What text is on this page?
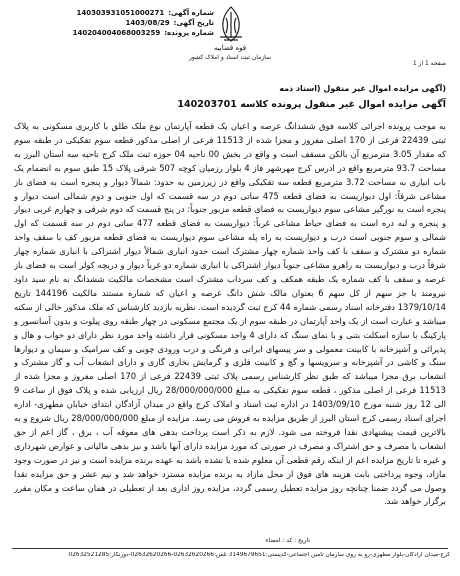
قوه قضاییه
سازمان ثبت اسناد و املاک کشور
شماره آگهی:
140303931051000271
تاریخ آگهی:
1403/08/29
شماره پرونده:
140204004068003259
صفحه 1 از 1
(آگهی مزایده اموال غیر منقول (اسناد ذمه
آگهی مزایده اموال غیر منقول پرونده کلاسه 140203701
به موجب پرونده اجرائی کلاسه فوق ششدانگ عرصه و اعیان یک قطعه آپارتمان نوع ملک طلق با کاربری مسکونی به پلاک ثبتی 22439 فرعی از 170 اصلی مفروز و مجزا شده از 11513 فرعی از اصلی مذکور قطعه سوم تفکیکی در طبقه سوم که مقدار 3.05 مترمربع آن بالکن مسقف است و واقع در بخش 00 ناحیه 04 حوزه ثبت ملک کرج ناحیه سه استان البرز به مساحت 93.7 مترمربع واقع در ادرس کرج مهرشهر فاز 4 بلوار رزمیان کوچه 507 شرقی پلاک 15 طبق سوم به انضمام یک باب انباری به مساحت 3.72 مترمربع قطعه سه تفکیکی واقع در زیرزمین به حدود: شمالاً دیوار و پنجره است به فضای باز مشاعی شرقاً: اول دیواریست به فضای قطعه 475 ساتی دوم در سه قسمت که اول جنوبی و دوم شمالی است دیوار و پنجره است به نورگیر مشاعی سوم دیواریست به فضای قطعه مزبور جنوباً: در پنج قسمت که دوم شرقی و چهارم غربی دیوار و پنجره و لبه دره است به فضای حیاط مشاعی غرباً: دیواریست به فضای قطعه 477 ساتی دوم در سه قسمت که اول شمالی و سوم جنوبی است درب و دیواریست به راه پله مشاعی سوم دیواریست به فضای قطعه مزبور کف با سقف واحد شماره دو مشترک و سقف با کف واحد شماره چهار مشترک است حدود انباری شمالاً دیوار اشتراکی با انباری شماره چهار شرقاً درب و دیواریست به راهرو مشاعی جنوباً دیوار اشتراکی با انباری شماره دو غرباً دیوار و دریچه کولر است به فضای باز عرصه و سقف با کف شماره یک طبقه همکف و کف سرداب مشترک است مشخصات مالکیت ششدانگ به نام سید داود نیرومند با جز سهم از کل سهم 6 بعنوان مالک شش دانگ عرصه و اعیان که شماره مستند مالکیت 144196 تاریخ 1379/10/14 دفترخانه اسناد رسمی شماره 44 کرج ثبت گردیده است. نظریه بازدید کارشناس که ملک مذکور خالی از سکنه میباشد و عبارت است از یک واحد آپارتمان در طبقه سوم از یک مجتمع مسکونی در چهار طبقه روی پیلوت و بدون آسانسور و پارکینگ با سازه اسکلت بتنی و با نمای سنگ که دارای 4 واحد مسکونی قرار داشته واحد مورد نظر دارای دو خواب و هال و پذیرائی و آشپزخانه با کابینت معمولی و سر پیسهای ایرانی و فرنگی و درب ورودی چوبی و کف سرامیک و سیمان و دیوارها سنگ و کاشی در آشپزخانه و سرویسها و گچ و کابینت فلزی و گرمایش بخاری گازی و دارای انشعاب آب و گاز مشترک و انشعاب برق مجزا میباشد که طبق نظر کارشناس رسمی پلاک ثبتی 22439 فرعی از 170 اصلی مفروز و مجزا شده از 11513 فرعی از اصلی مذکور ، قطعه سوم تفکیکی به مبلغ 28/000/000/000 ریال ارزیابی شده و پلاک فوق از ساعت 9 الی 12 روز شنبه مورخ 1403/09/10 در اداره ثبت اسناد و املاک کرج واقع در میدان آزادگان ابتدای خیابان مطهری- اداره اجرای اسناد رسمی کرج استان البرز از طریق مزایده به فروش می رسد. مزایده از مبلغ 28/000/000/000 ریال شروع و به بالاترین قیمت پیشنهادی نقدا فروخته می شود. لازم به ذکر است پرداخت بدهی های معوقه آب ، برق ، گاز اعم از حق انشعاب یا مصرف و حق اشتراک و مصرف در صورتی که مورد مزایده دارای آنها باشد و نیز بدهی مالیاتی و عوارض شهرداری و غیره تا تاریخ مزایده اعم از اینکه رقم قطعی آن معلوم شده یا نشده باشد به عهده برنده مزایده است و نیز در صورت وجود مازاد، وجوه پرداختی بابت هزینه های فوق از محل مازاد به برنده مزایده مسترد خواهد شد و نیم عشر و حق مزایده نقدا وصول می گردد ضمنا چنانچه روز مزایده تعطیل رسمی گردد، مزایده روز اداری بعد از تعطیلی در همان ساعت و مکان مقرر برگزار خواهد شد.
تاریخ : کد : امضاء
کرج-میدان آزادگان-بلوار مطهری-رو به روی سازمان تامین اجتماعی-کدپستی:3149679651 تلفن:02632620266-02632620266-دورنگار:02632521285
